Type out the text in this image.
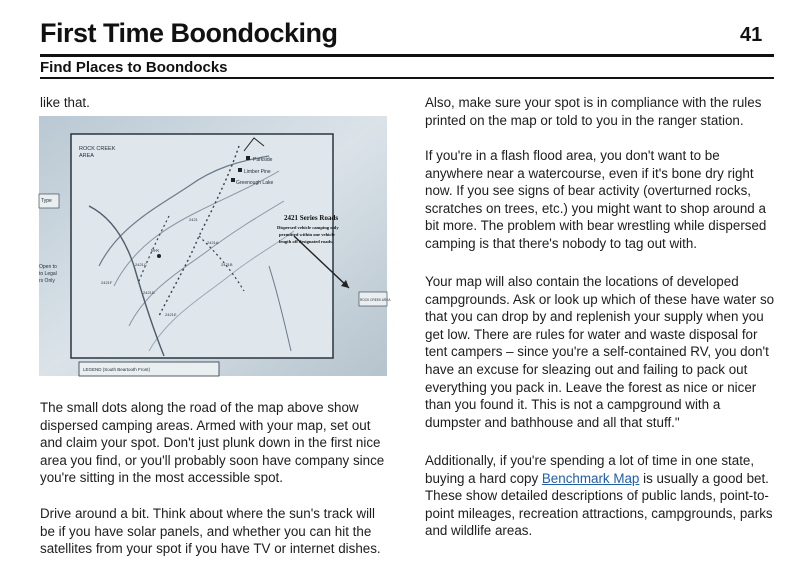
First Time Boondocking	41
Find Places to Boondocks

like that.

ROCK CREEK
AREA
Parkside
Limber Pine
Greenough Lake
2421 Series Roads
Dispersed vehicle camping only
permitted within one vehicle
length off designated roads.
Type
Open to
to Legal
rs Only
LEGEND (South Beartooth Front)
ROCK CREEK AREA
2421
2421A
2421B
2421C
2421D
2421E
2421F
M-K

The small dots along the road of the map above show dispersed camping areas. Armed with your map, set out and claim your spot. Don't just plunk down in the first nice area you find, or you'll probably soon have company since you're sitting in the most accessible spot.

Drive around a bit. Think about where the sun's track will be if you have solar panels, and whether you can hit the satellites from your spot if you have TV or internet dishes.

Also, make sure your spot is in compliance with the rules printed on the map or told to you in the ranger station.

If you're in a flash flood area, you don't want to be anywhere near a watercourse, even if it's bone dry right now. If you see signs of bear activity (overturned rocks, scratches on trees, etc.) you might want to shop around a bit more. The problem with bear wrestling while dispersed camping is that there's nobody to tag out with.

Your map will also contain the locations of developed campgrounds. Ask or look up which of these have water so that you can drop by and replenish your supply when you get low. There are rules for water and waste disposal for tent campers – since you're a self-contained RV, you don't have an excuse for sleazing out and failing to pack out everything you pack in. Leave the forest as nice or nicer than you found it. This is not a campground with a dumpster and bathhouse and all that stuff."

Additionally, if you're spending a lot of time in one state, buying a hard copy Benchmark Map is usually a good bet. These show detailed descriptions of public lands, point-to-point mileages, recreation attractions, campgrounds, parks and wildlife areas.
